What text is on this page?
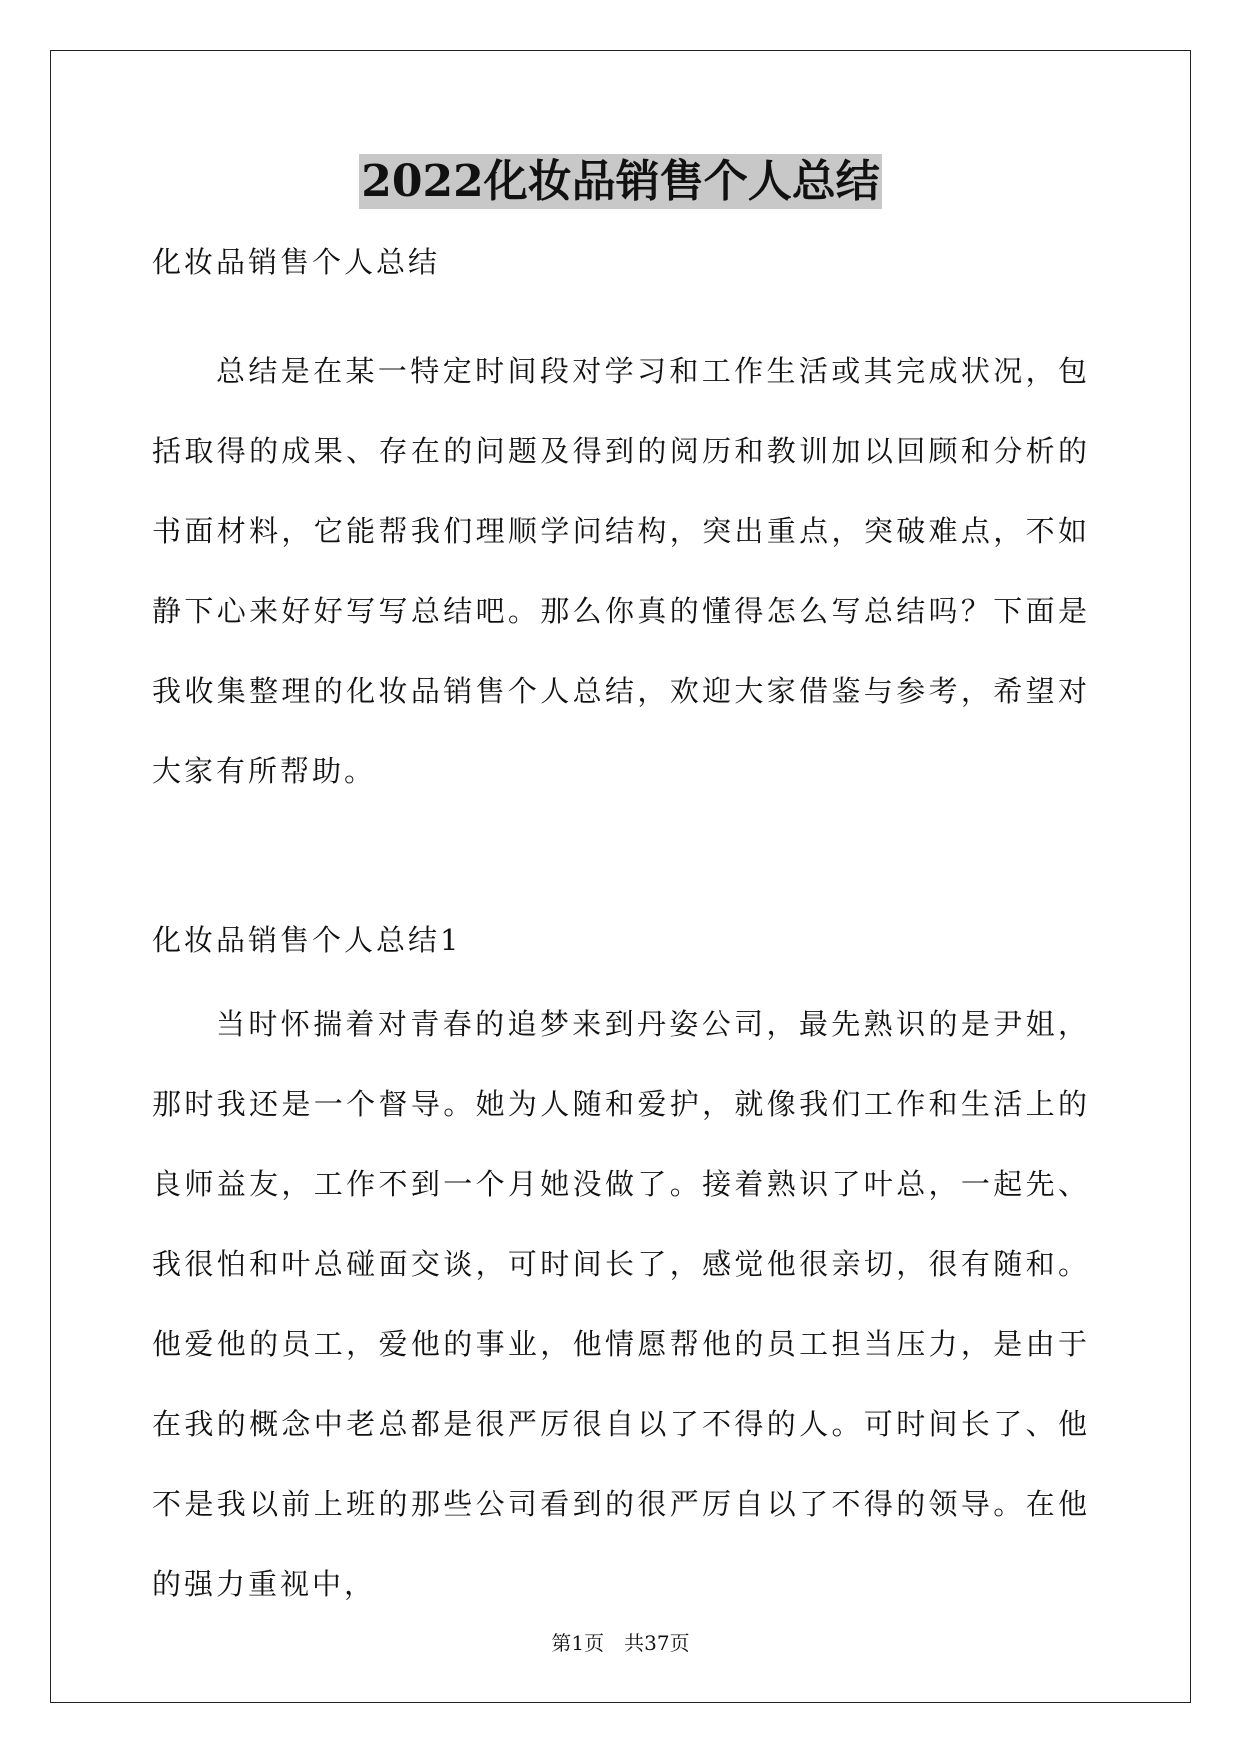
2022化妆品销售个人总结
化妆品销售个人总结
总结是在某一特定时间段对学习和工作生活或其完成状况，包括取得的成果、存在的问题及得到的阅历和教训加以回顾和分析的书面材料，它能帮我们理顺学问结构，突出重点，突破难点，不如静下心来好好写写总结吧。那么你真的懂得怎么写总结吗？下面是我收集整理的化妆品销售个人总结，欢迎大家借鉴与参考，希望对大家有所帮助。
化妆品销售个人总结1
当时怀揣着对青春的追梦来到丹姿公司，最先熟识的是尹姐，那时我还是一个督导。她为人随和爱护，就像我们工作和生活上的良师益友，工作不到一个月她没做了。接着熟识了叶总，一起先、我很怕和叶总碰面交谈，可时间长了，感觉他很亲切，很有随和。他爱他的员工，爱他的事业，他情愿帮他的员工担当压力，是由于在我的概念中老总都是很严厉很自以了不得的人。可时间长了、他不是我以前上班的那些公司看到的很严厉自以了不得的领导。在他的强力重视中，
第1页　共37页
